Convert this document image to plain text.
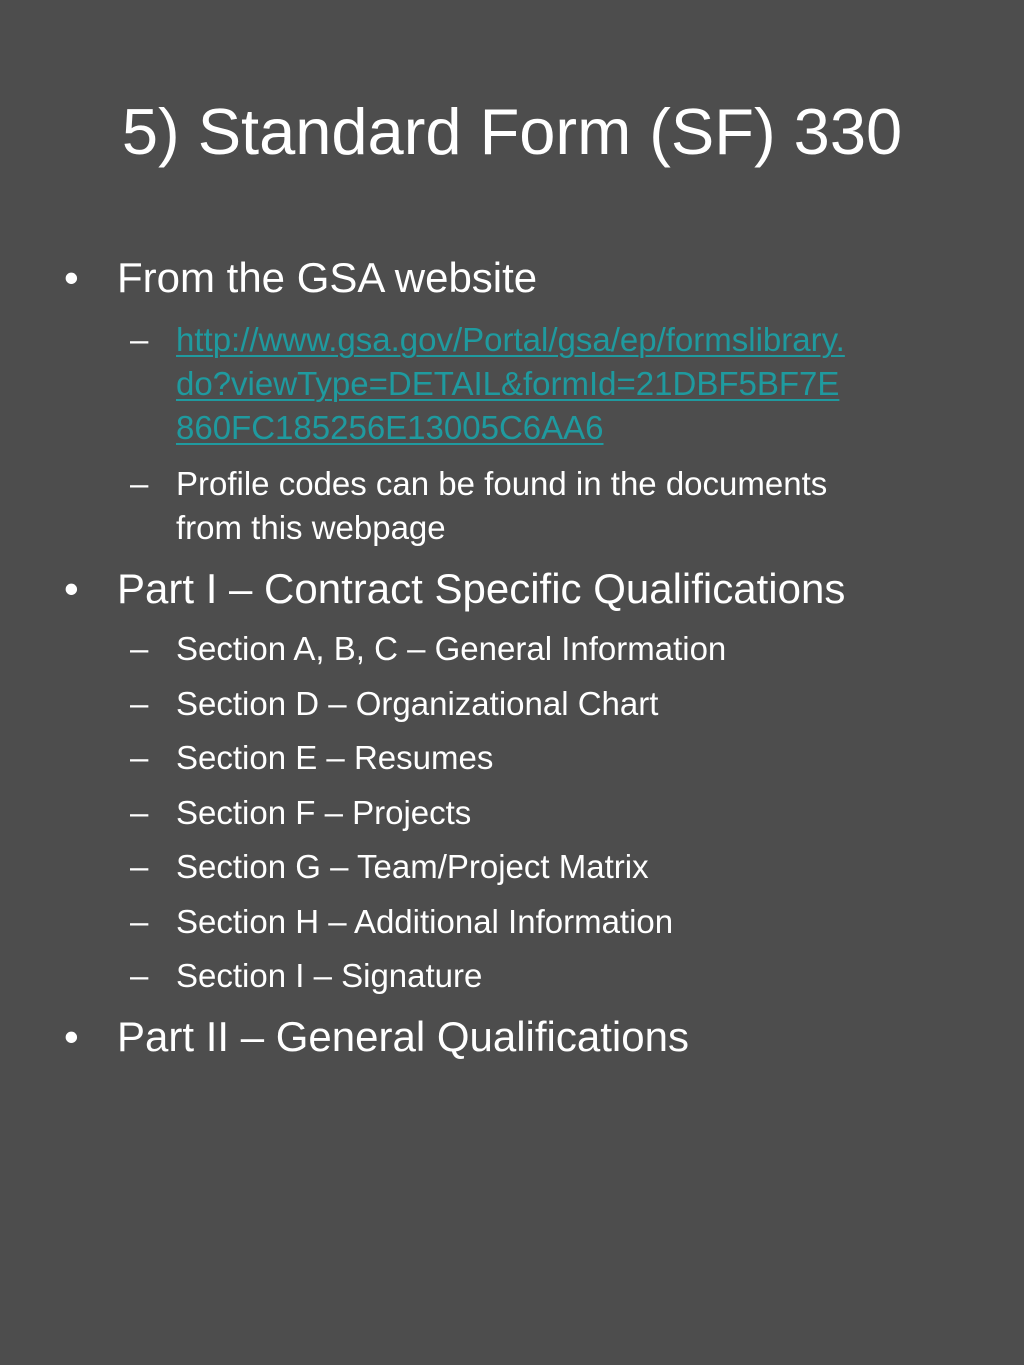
5) Standard Form (SF) 330
• From the GSA website
– http://www.gsa.gov/Portal/gsa/ep/formslibrary.
do?viewType=DETAIL&formId=21DBF5BF7E
860FC185256E13005C6AA6
– Profile codes can be found in the documents
from this webpage
• Part I – Contract Specific Qualifications
– Section A, B, C – General Information
– Section D – Organizational Chart
– Section E – Resumes
– Section F – Projects
– Section G – Team/Project Matrix
– Section H – Additional Information
– Section I – Signature
• Part II – General Qualifications
